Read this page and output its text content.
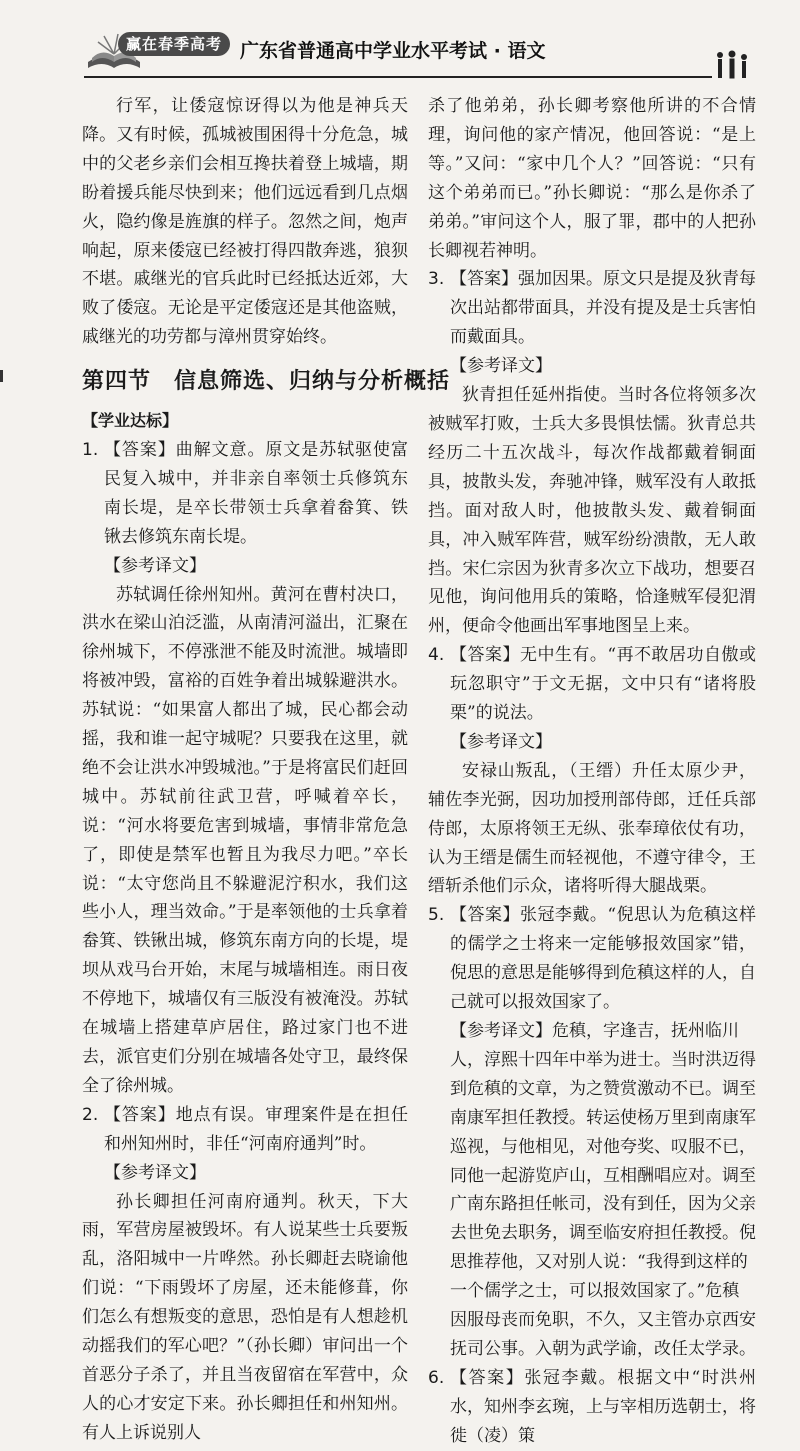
赢在春季高考 广东省普通高中学业水平考试 · 语文

行军，让倭寇惊讶得以为他是神兵天降。又有时候，孤城被围困得十分危急，城中的父老乡亲们会相互搀扶着登上城墙，期盼着援兵能尽快到来；他们远远看到几点烟火，隐约像是旌旗的样子。忽然之间，炮声响起，原来倭寇已经被打得四散奔逃，狼狈不堪。戚继光的官兵此时已经抵达近郊，大败了倭寇。无论是平定倭寇还是其他盗贼，戚继光的功劳都与漳州贯穿始终。

第四节　信息筛选、归纳与分析概括

【学业达标】

1. 【答案】曲解文意。原文是苏轼驱使富民复入城中，并非亲自率领士兵修筑东南长堤，是卒长带领士兵拿着畚箕、铁锹去修筑东南长堤。

【参考译文】

苏轼调任徐州知州。黄河在曹村决口，洪水在梁山泊泛滥，从南清河溢出，汇聚在徐州城下，不停涨泄不能及时流泄。城墙即将被冲毁，富裕的百姓争着出城躲避洪水。苏轼说：“如果富人都出了城，民心都会动摇，我和谁一起守城呢？只要我在这里，就绝不会让洪水冲毁城池。”于是将富民们赶回城中。苏轼前往武卫营，呼喊着卒长，说：“河水将要危害到城墙，事情非常危急了，即使是禁军也暂且为我尽力吧。”卒长说：“太守您尚且不躲避泥泞积水，我们这些小人，理当效命。”于是率领他的士兵拿着畚箕、铁锹出城，修筑东南方向的长堤，堤坝从戏马台开始，末尾与城墙相连。雨日夜不停地下，城墙仅有三版没有被淹没。苏轼在城墙上搭建草庐居住，路过家门也不进去，派官吏们分别在城墙各处守卫，最终保全了徐州城。

2. 【答案】地点有误。审理案件是在担任和州知州时，非任“河南府通判”时。

【参考译文】

孙长卿担任河南府通判。秋天，下大雨，军营房屋被毁坏。有人说某些士兵要叛乱，洛阳城中一片哗然。孙长卿赶去晓谕他们说：“下雨毁坏了房屋，还未能修葺，你们怎么有想叛变的意思，恐怕是有人想趁机动摇我们的军心吧？”（孙长卿）审问出一个首恶分子杀了，并且当夜留宿在军营中，众人的心才安定下来。孙长卿担任和州知州。有人上诉说别人

杀了他弟弟，孙长卿考察他所讲的不合情理，询问他的家产情况，他回答说：“是上等。”又问：“家中几个人？”回答说：“只有这个弟弟而已。”孙长卿说：“那么是你杀了弟弟。”审问这个人，服了罪，郡中的人把孙长卿视若神明。

3. 【答案】强加因果。原文只是提及狄青每次出站都带面具，并没有提及是士兵害怕而戴面具。

【参考译文】

狄青担任延州指使。当时各位将领多次被贼军打败，士兵大多畏惧怯懦。狄青总共经历二十五次战斗，每次作战都戴着铜面具，披散头发，奔驰冲锋，贼军没有人敢抵挡。面对敌人时，他披散头发、戴着铜面具，冲入贼军阵营，贼军纷纷溃散，无人敢挡。宋仁宗因为狄青多次立下战功，想要召见他，询问他用兵的策略，恰逢贼军侵犯渭州，便命令他画出军事地图呈上来。

4. 【答案】无中生有。“再不敢居功自傲或玩忽职守”于文无据，文中只有“诸将股栗”的说法。

【参考译文】

安禄山叛乱，（王缙）升任太原少尹，辅佐李光弼，因功加授刑部侍郎，迁任兵部侍郎，太原将领王无纵、张奉璋依仗有功，认为王缙是儒生而轻视他，不遵守律令，王缙斩杀他们示众，诸将听得大腿战栗。

5. 【答案】张冠李戴。“倪思认为危稹这样的儒学之士将来一定能够报效国家”错，倪思的意思是能够得到危稹这样的人，自己就可以报效国家了。

【参考译文】危稹，字逢吉，抚州临川人，淳熙十四年中举为进士。当时洪迈得到危稹的文章，为之赞赏激动不已。调至南康军担任教授。转运使杨万里到南康军巡视，与他相见，对他夸奖、叹服不已，同他一起游览庐山，互相酬唱应对。调至广南东路担任帐司，没有到任，因为父亲去世免去职务，调至临安府担任教授。倪思推荐他，又对别人说：“我得到这样的一个儒学之士，可以报效国家了。”危稹因服母丧而免职，不久，又主管办京西安抚司公事。入朝为武学谕，改任太学录。

6. 【答案】张冠李戴。根据文中“时洪州水，知州李玄琬，上与宰相历选朝士，将徙（凌）策
